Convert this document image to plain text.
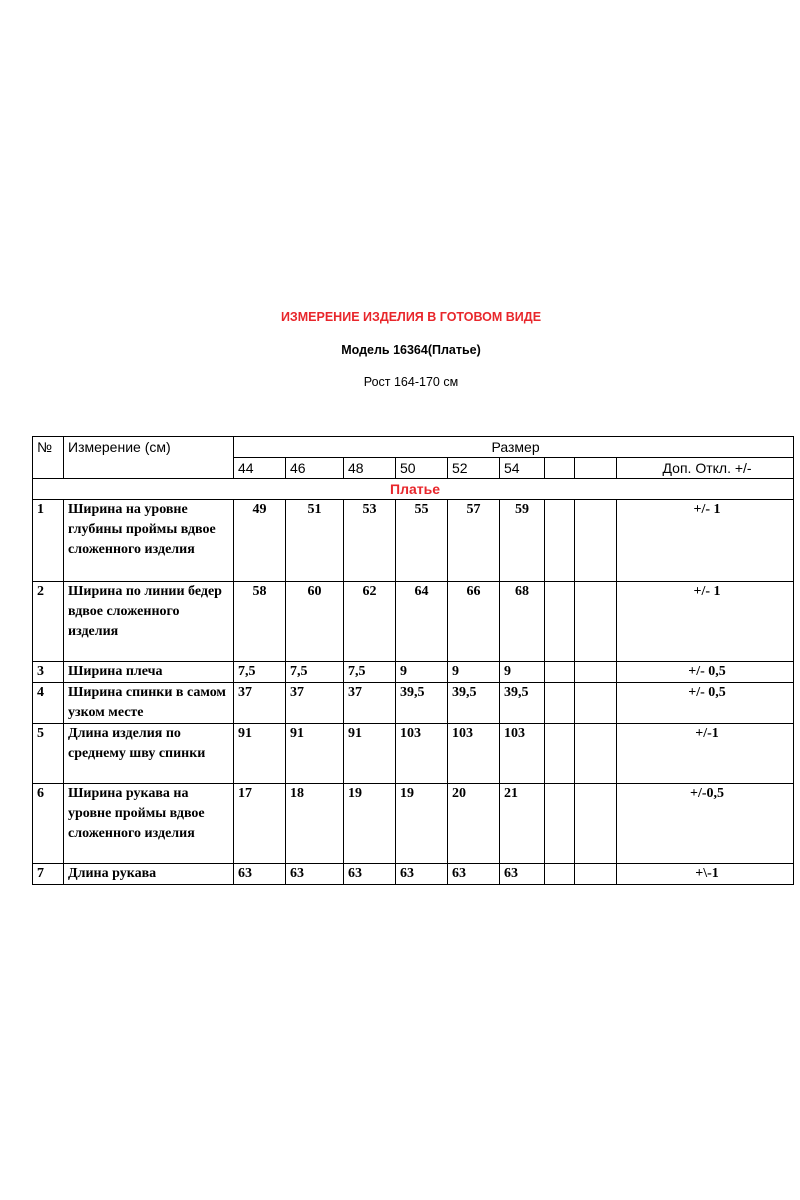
ИЗМЕРЕНИЕ ИЗДЕЛИЯ В ГОТОВОМ ВИДЕ
Модель 16364(Платье)
Рост 164-170 см
№	Измерение (см)	Размер								
		44	46	48	50	52	54			Доп. Откл. +/-
Платье										
1	Ширина на уровне глубины проймы вдвое сложенного изделия	49	51	53	55	57	59			+/- 1
2	Ширина по линии бедер вдвое сложенного изделия	58	60	62	64	66	68			+/- 1
3	Ширина плеча	7,5	7,5	7,5	9	9	9			+/- 0,5
4	Ширина спинки в самом узком месте	37	37	37	39,5	39,5	39,5			+/- 0,5
5	Длина изделия по среднему шву спинки	91	91	91	103	103	103			+/-1
6	Ширина рукава на уровне проймы вдвое сложенного изделия	17	18	19	19	20	21			+/-0,5
7	Длина рукава	63	63	63	63	63	63			+\-1
